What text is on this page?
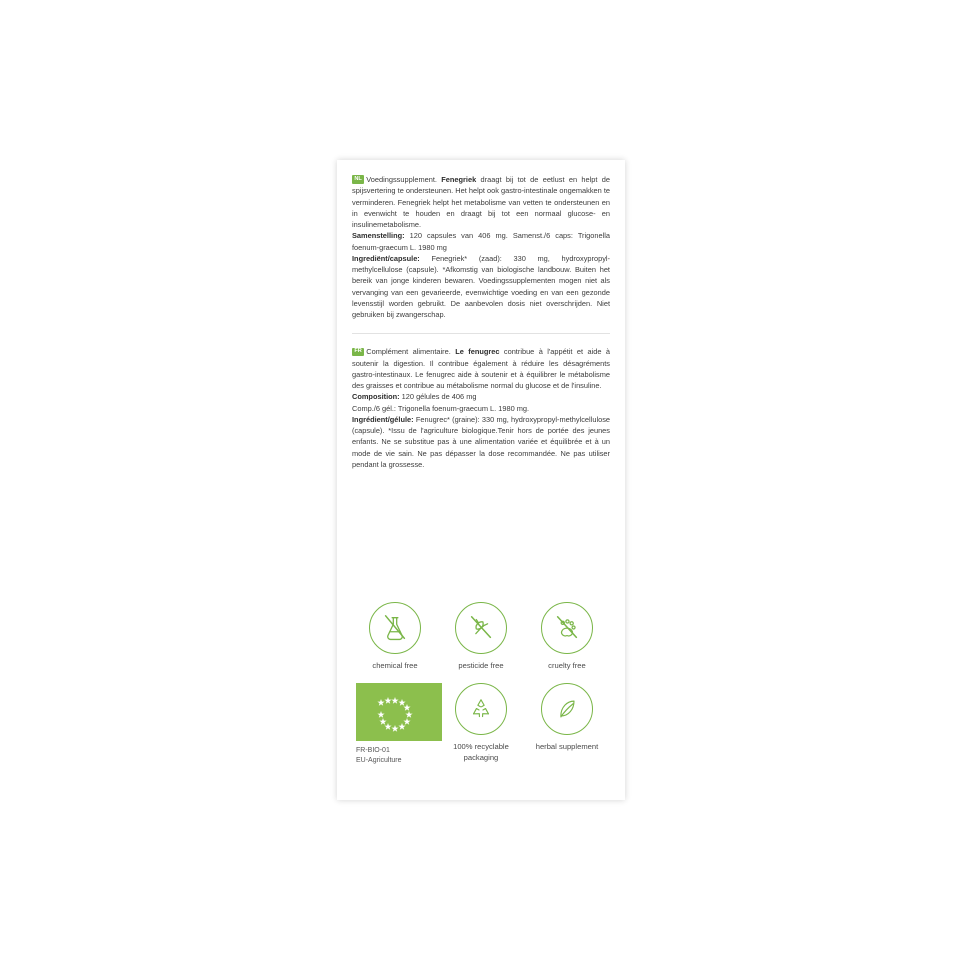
NL Voedingssupplement. Fenegriek draagt bij tot de eetlust en helpt de spijsvertering te ondersteunen. Het helpt ook gastro-intestinale ongemakken te verminderen. Fenegriek helpt het metabolisme van vetten te ondersteunen en in evenwicht te houden en draagt bij tot een normaal glucose- en insulinemetabolisme.

Samenstelling: 120 capsules van 406 mg. Samenst./6 caps: Trigonella foenum-graecum L. 1980 mg

Ingrediënt/capsule: Fenegriek* (zaad): 330 mg, hydroxypropyl-methylcellulose (capsule). *Afkomstig van biologische landbouw. Buiten het bereik van jonge kinderen bewaren. Voedingssupplementen mogen niet als vervanging van een gevarieerde, evenwichtige voeding en van een gezonde levensstijl worden gebruikt. De aanbevolen dosis niet overschrijden. Niet gebruiken bij zwangerschap.

FR Complément alimentaire. Le fenugrec contribue à l'appétit et aide à soutenir la digestion. Il contribue également à réduire les désagréments gastro-intestinaux. Le fenugrec aide à soutenir et à équilibrer le métabolisme des graisses et contribue au métabolisme normal du glucose et de l'insuline.

Composition: 120 gélules de 406 mg

Comp./6 gél.: Trigonella foenum-graecum L. 1980 mg.

Ingrédient/gélule: Fenugrec* (graine): 330 mg, hydroxypropyl-methylcellulose (capsule). *Issu de l'agriculture biologique.Tenir hors de portée des jeunes enfants. Ne se substitue pas à une alimentation variée et équilibrée et à un mode de vie sain. Ne pas dépasser la dose recommandée. Ne pas utiliser pendant la grossesse.

chemical free	pesticide free	cruelty free
FR-BIO-01
EU-Agriculture
100% recyclable packaging
herbal supplement
